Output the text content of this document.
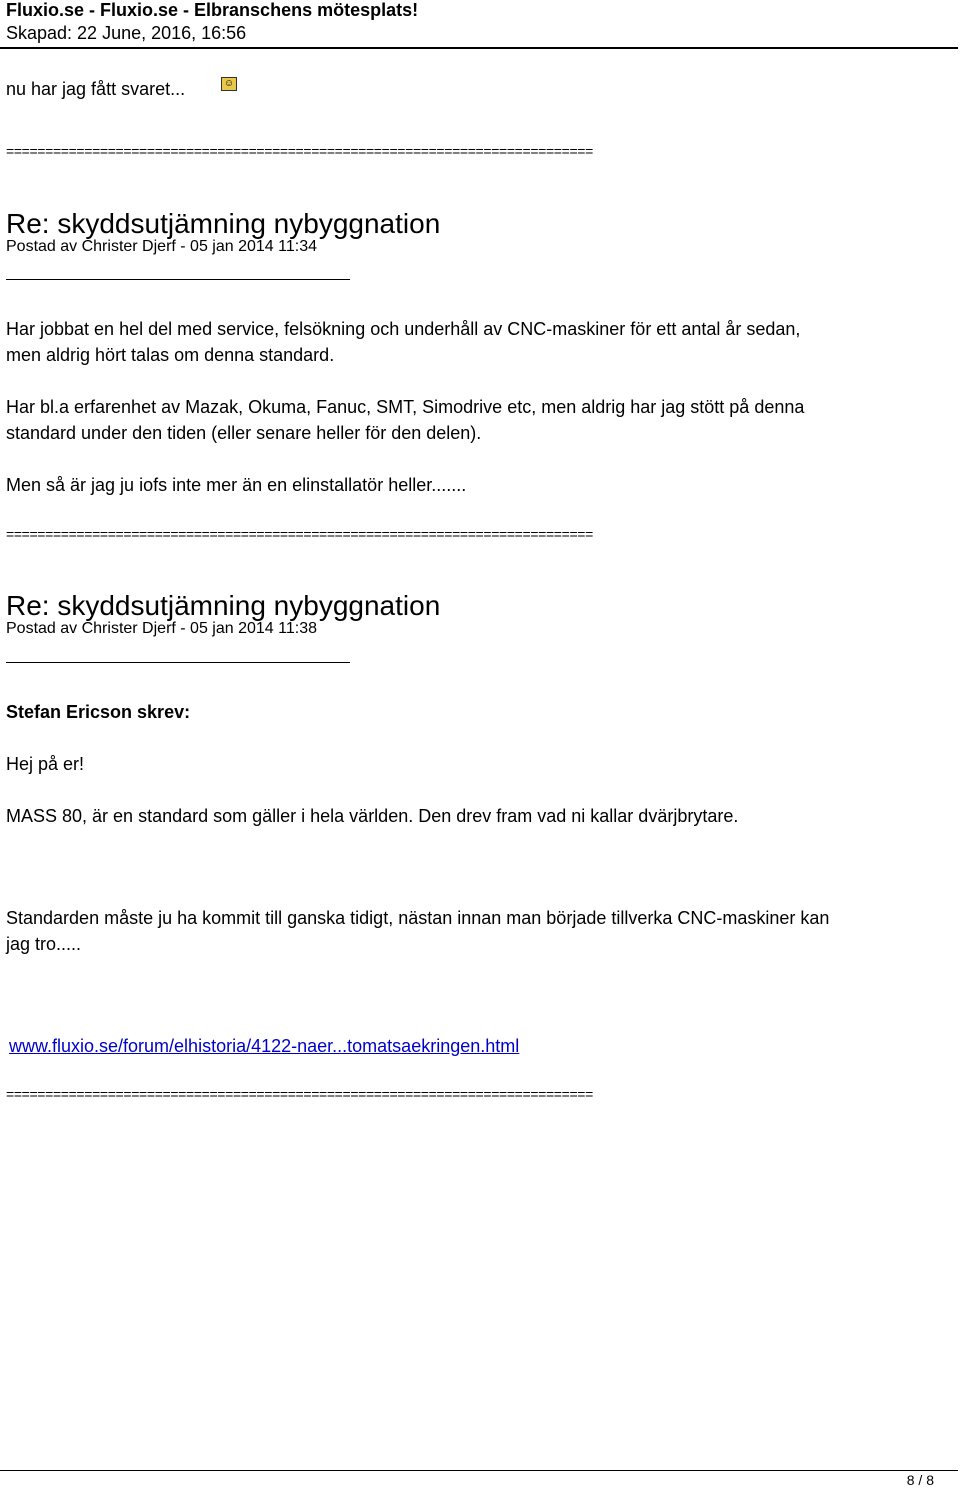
Fluxio.se - Fluxio.se - Elbranschens mötesplats!
Skapad: 22 June, 2016, 16:56
nu har jag fått svaret...	☺
===========================================================================
Re: skyddsutjämning nybyggnation
Postad av Christer Djerf - 05 jan 2014 11:34
Har jobbat en hel del med service, felsökning och underhåll av CNC-maskiner för ett antal år sedan,
men aldrig hört talas om denna standard.
Har bl.a erfarenhet av Mazak, Okuma, Fanuc, SMT, Simodrive etc, men aldrig har jag stött på denna
standard under den tiden (eller senare heller för den delen).
Men så är jag ju iofs inte mer än en elinstallatör heller.......
===========================================================================
Re: skyddsutjämning nybyggnation
Postad av Christer Djerf - 05 jan 2014 11:38
Stefan Ericson skrev:
Hej på er!
MASS 80, är en standard som gäller i hela världen. Den drev fram vad ni kallar dvärjbrytare.
Standarden måste ju ha kommit till ganska tidigt, nästan innan man började tillverka CNC-maskiner kan
jag tro.....
www.fluxio.se/forum/elhistoria/4122-naer...tomatsaekringen.html
===========================================================================
8 / 8
